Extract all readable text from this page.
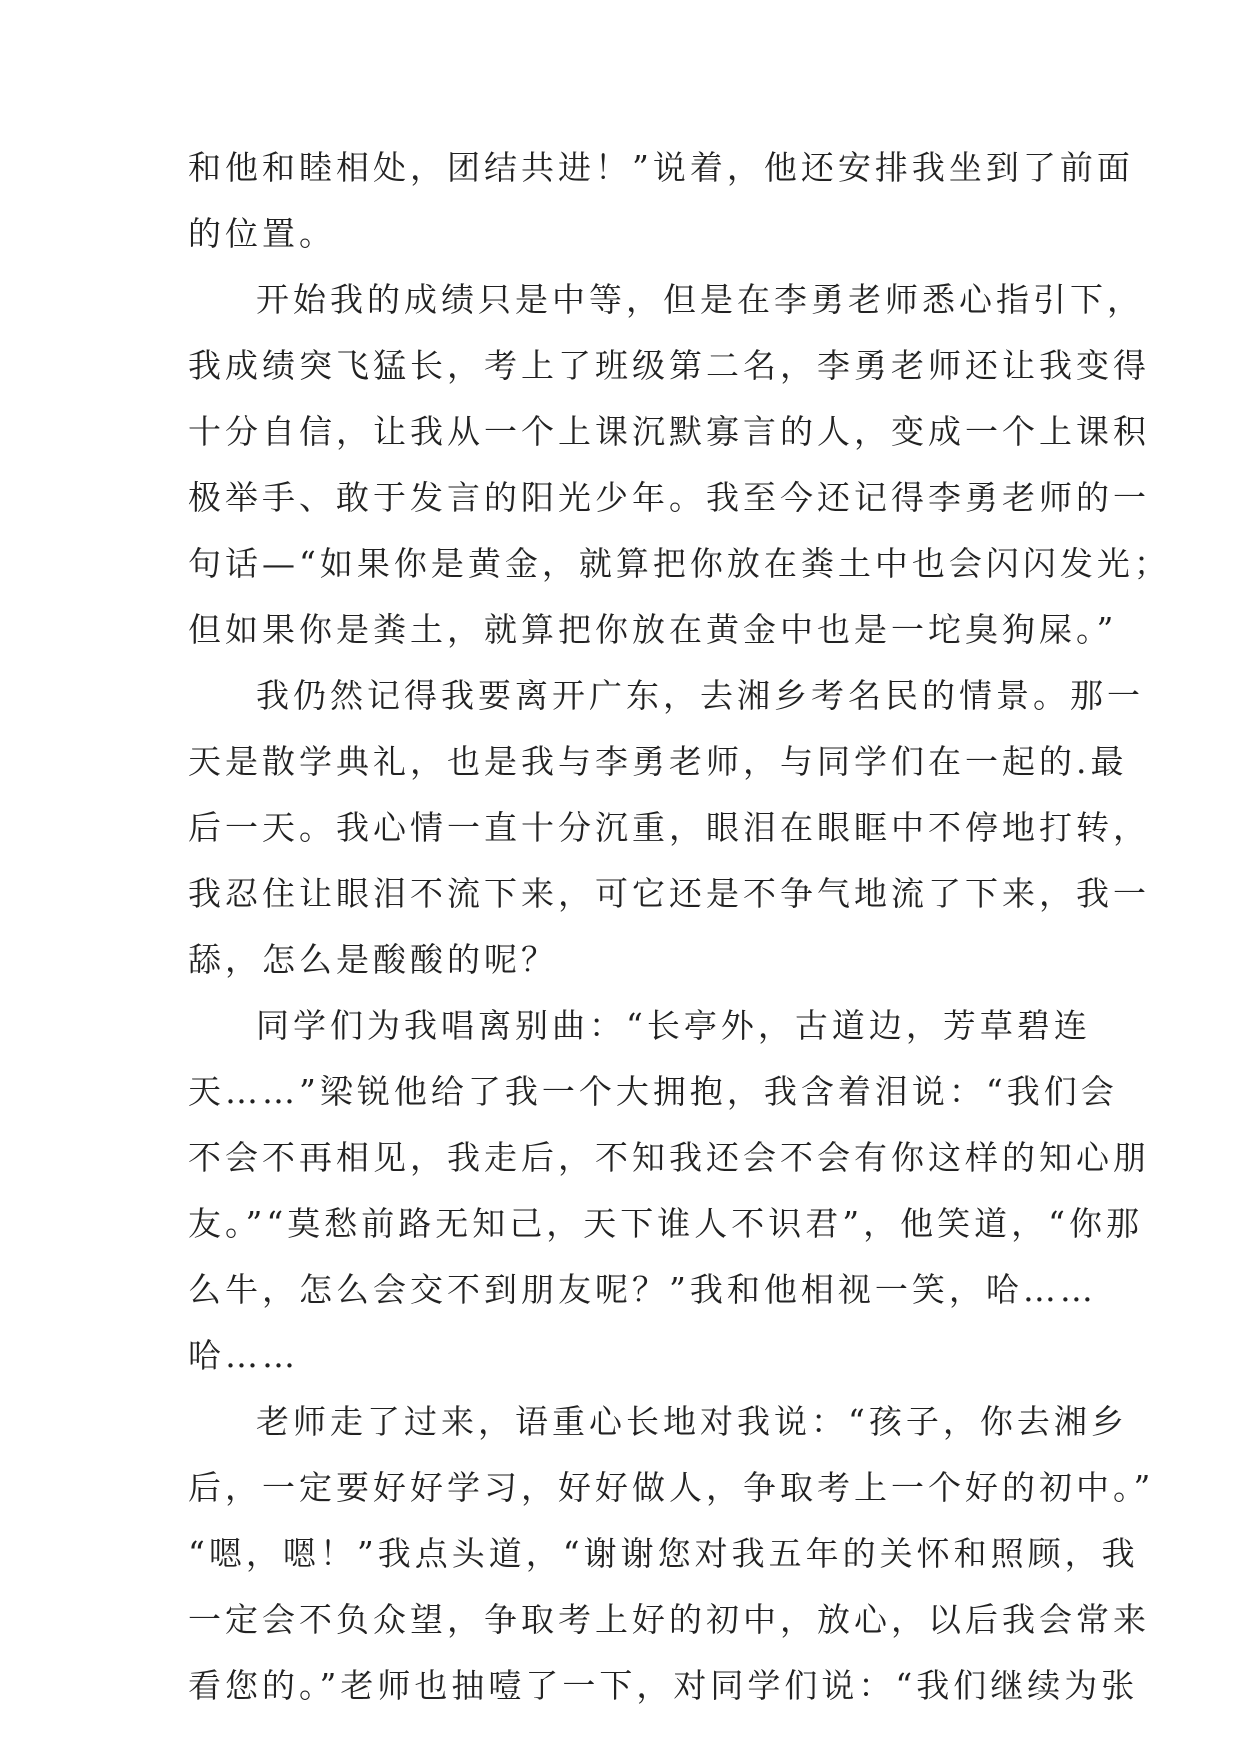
和他和睦相处，团结共进！”说着，他还安排我坐到了前面

的位置。

开始我的成绩只是中等，但是在李勇老师悉心指引下，

我成绩突飞猛长，考上了班级第二名，李勇老师还让我变得

十分自信，让我从一个上课沉默寡言的人，变成一个上课积

极举手、敢于发言的阳光少年。我至今还记得李勇老师的一

句话—“如果你是黄金，就算把你放在粪土中也会闪闪发光；

但如果你是粪土，就算把你放在黄金中也是一坨臭狗屎。”

我仍然记得我要离开广东，去湘乡考名民的情景。那一

天是散学典礼，也是我与李勇老师，与同学们在一起的.最

后一天。我心情一直十分沉重，眼泪在眼眶中不停地打转，

我忍住让眼泪不流下来，可它还是不争气地流了下来，我一

舔，怎么是酸酸的呢？

同学们为我唱离别曲：“长亭外，古道边，芳草碧连

天……”梁锐他给了我一个大拥抱，我含着泪说：“我们会

不会不再相见，我走后，不知我还会不会有你这样的知心朋

友。”“莫愁前路无知己，天下谁人不识君”，他笑道，“你那

么牛，怎么会交不到朋友呢？”我和他相视一笑，哈……

哈……

老师走了过来，语重心长地对我说：“孩子，你去湘乡

后，一定要好好学习，好好做人，争取考上一个好的初中。”

“嗯，嗯！”我点头道，“谢谢您对我五年的关怀和照顾，我

一定会不负众望，争取考上好的初中，放心，以后我会常来

看您的。”老师也抽噎了一下，对同学们说：“我们继续为张
